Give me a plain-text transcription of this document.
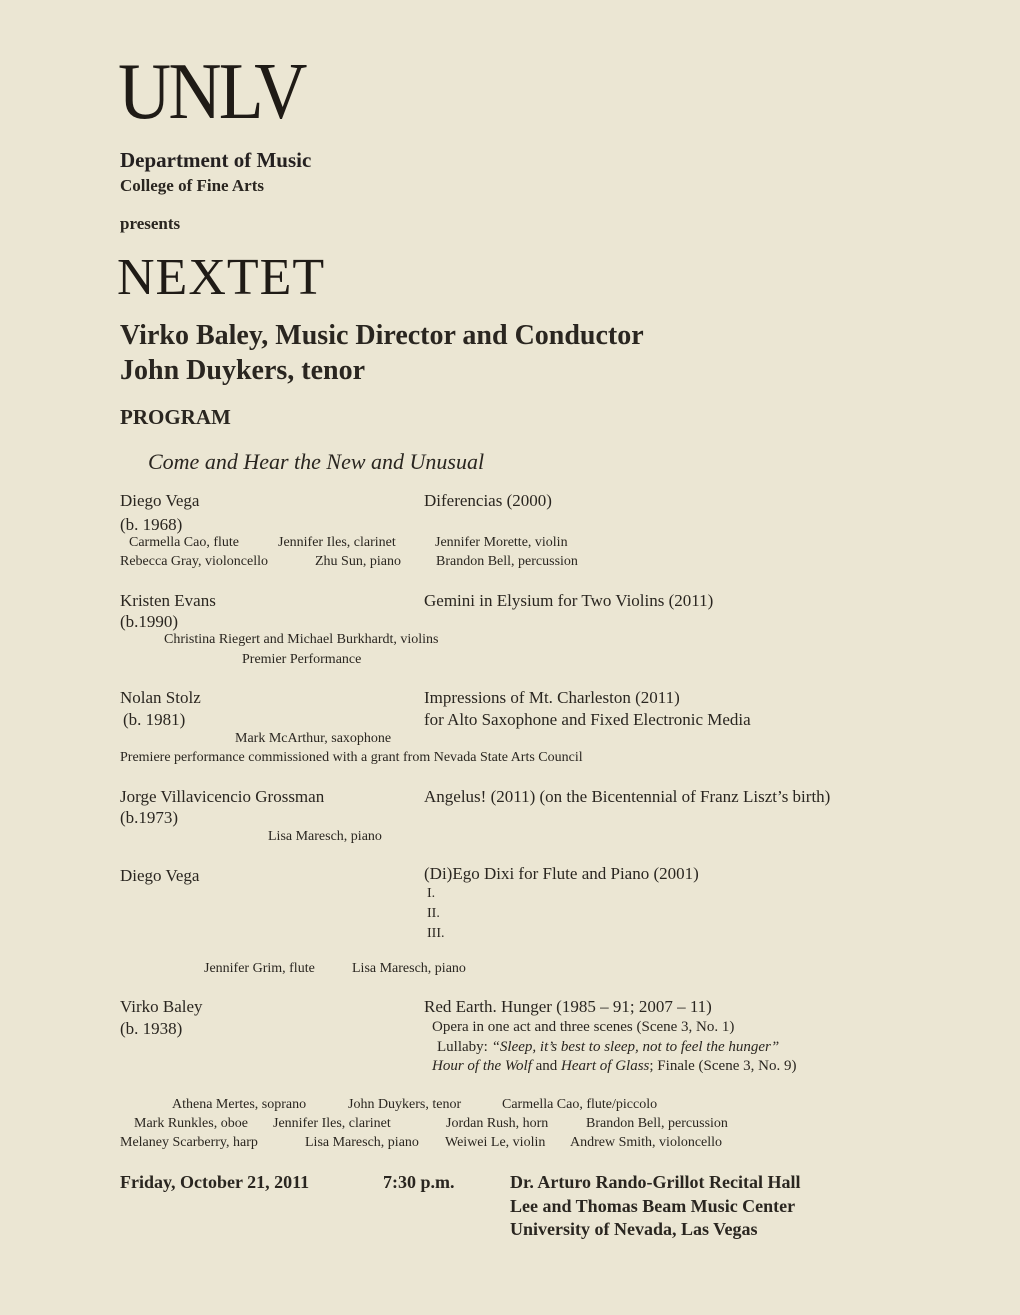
UNLV
Department of Music
College of Fine Arts
presents
NEXTET
Virko Baley, Music Director and Conductor
John Duykers, tenor
PROGRAM
Come and Hear the New and Unusual
Diego Vega	Diferencias (2000)
(b. 1968)
Carmella Cao, flute	Jennifer Iles, clarinet	Jennifer Morette, violin
Rebecca Gray, violoncello	Zhu Sun, piano	Brandon Bell, percussion
Kristen Evans	Gemini in Elysium for Two Violins (2011)
(b.1990)
Christina Riegert and Michael Burkhardt, violins
Premier Performance
Nolan Stolz	Impressions of Mt. Charleston (2011)
(b. 1981)	for Alto Saxophone and Fixed Electronic Media
Mark McArthur, saxophone
Premiere performance commissioned with a grant from Nevada State Arts Council
Jorge Villavicencio Grossman	Angelus! (2011) (on the Bicentennial of Franz Liszt’s birth)
(b.1973)
Lisa Maresch, piano
Diego Vega	(Di)Ego Dixi for Flute and Piano (2001)
I.
II.
III.
Jennifer Grim, flute	Lisa Maresch, piano
Virko Baley	Red Earth. Hunger (1985 – 91; 2007 – 11)
(b. 1938)	Opera in one act and three scenes (Scene 3, No. 1)
Lullaby: “Sleep, it’s best to sleep, not to feel the hunger”
Hour of the Wolf and Heart of Glass; Finale (Scene 3, No. 9)
Athena Mertes, soprano	John Duykers, tenor	Carmella Cao, flute/piccolo
Mark Runkles, oboe Jennifer Iles, clarinet	Jordan Rush, horn	Brandon Bell, percussion
Melaney Scarberry, harp	Lisa Maresch, piano Weiwei Le, violin Andrew Smith, violoncello
Friday, October 21, 2011	7:30 p.m.	Dr. Arturo Rando-Grillot Recital Hall
Lee and Thomas Beam Music Center
University of Nevada, Las Vegas
